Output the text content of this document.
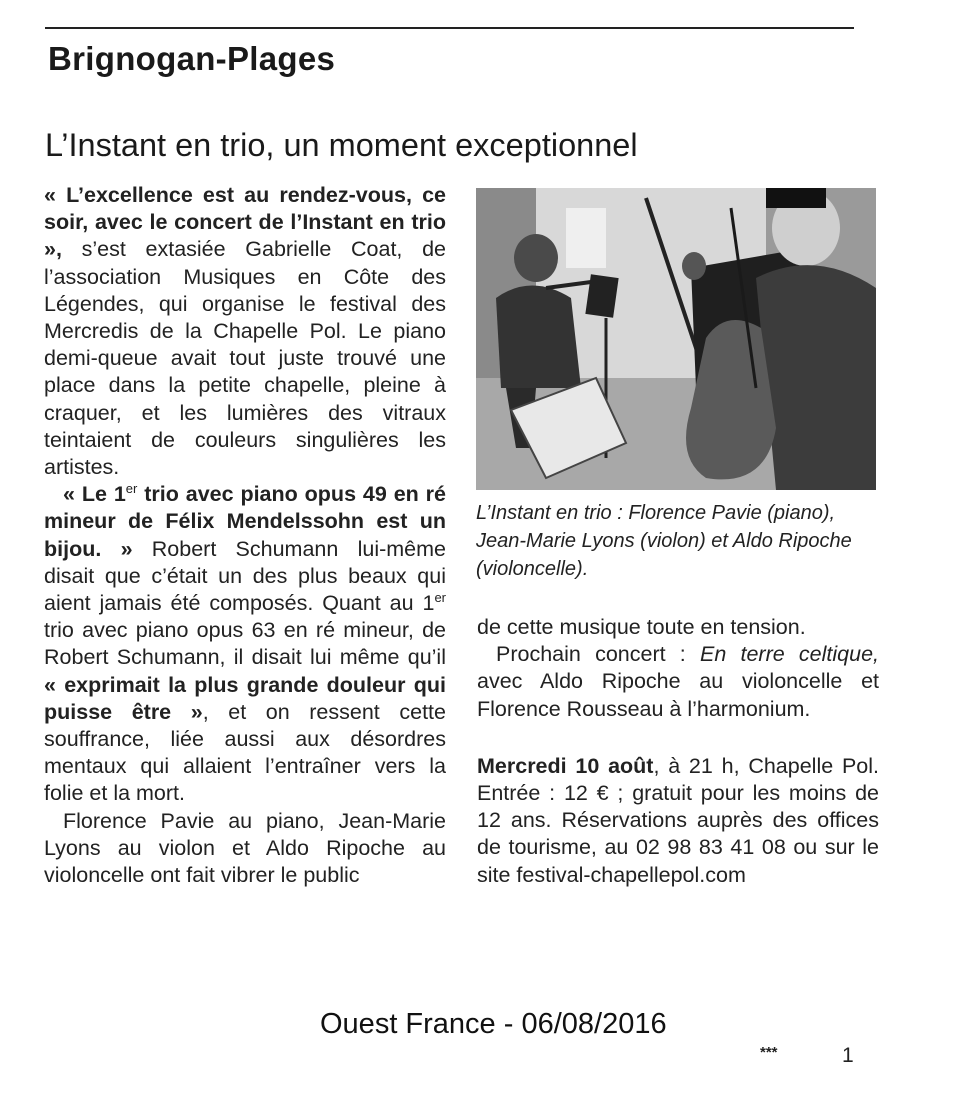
Brignogan-Plages
L’Instant en trio, un moment exceptionnel

« L’excellence est au rendez-vous, ce soir, avec le concert de l’Instant en trio », s’est extasiée Gabrielle Coat, de l’association Musiques en Côte des Légendes, qui organise le festival des Mercredis de la Chapelle Pol. Le piano demi-queue avait tout juste trouvé une place dans la petite chapelle, pleine à craquer, et les lumières des vitraux teintaient de couleurs singulières les artistes.

« Le 1er trio avec piano opus 49 en ré mineur de Félix Mendelssohn est un bijou. » Robert Schumann lui-même disait que c’était un des plus beaux qui aient jamais été composés. Quant au 1er trio avec piano opus 63 en ré mineur, de Robert Schumann, il disait lui même qu’il « exprimait la plus grande douleur qui puisse être », et on ressent cette souffrance, liée aussi aux désordres mentaux qui allaient l’entraîner vers la folie et la mort.

Florence Pavie au piano, Jean-Marie Lyons au violon et Aldo Ripoche au violoncelle ont fait vibrer le public

L’Instant en trio : Florence Pavie (piano), Jean-Marie Lyons (violon) et Aldo Ripoche (violoncelle).

de cette musique toute en tension.

Prochain concert : En terre celtique, avec Aldo Ripoche au violoncelle et Florence Rousseau à l’harmonium.

Mercredi 10 août, à 21 h, Chapelle Pol. Entrée : 12 € ; gratuit pour les moins de 12 ans. Réservations auprès des offices de tourisme, au 02 98 83 41 08 ou sur le site festival-chapellepol.com

Ouest France - 06/08/2016
***	1
